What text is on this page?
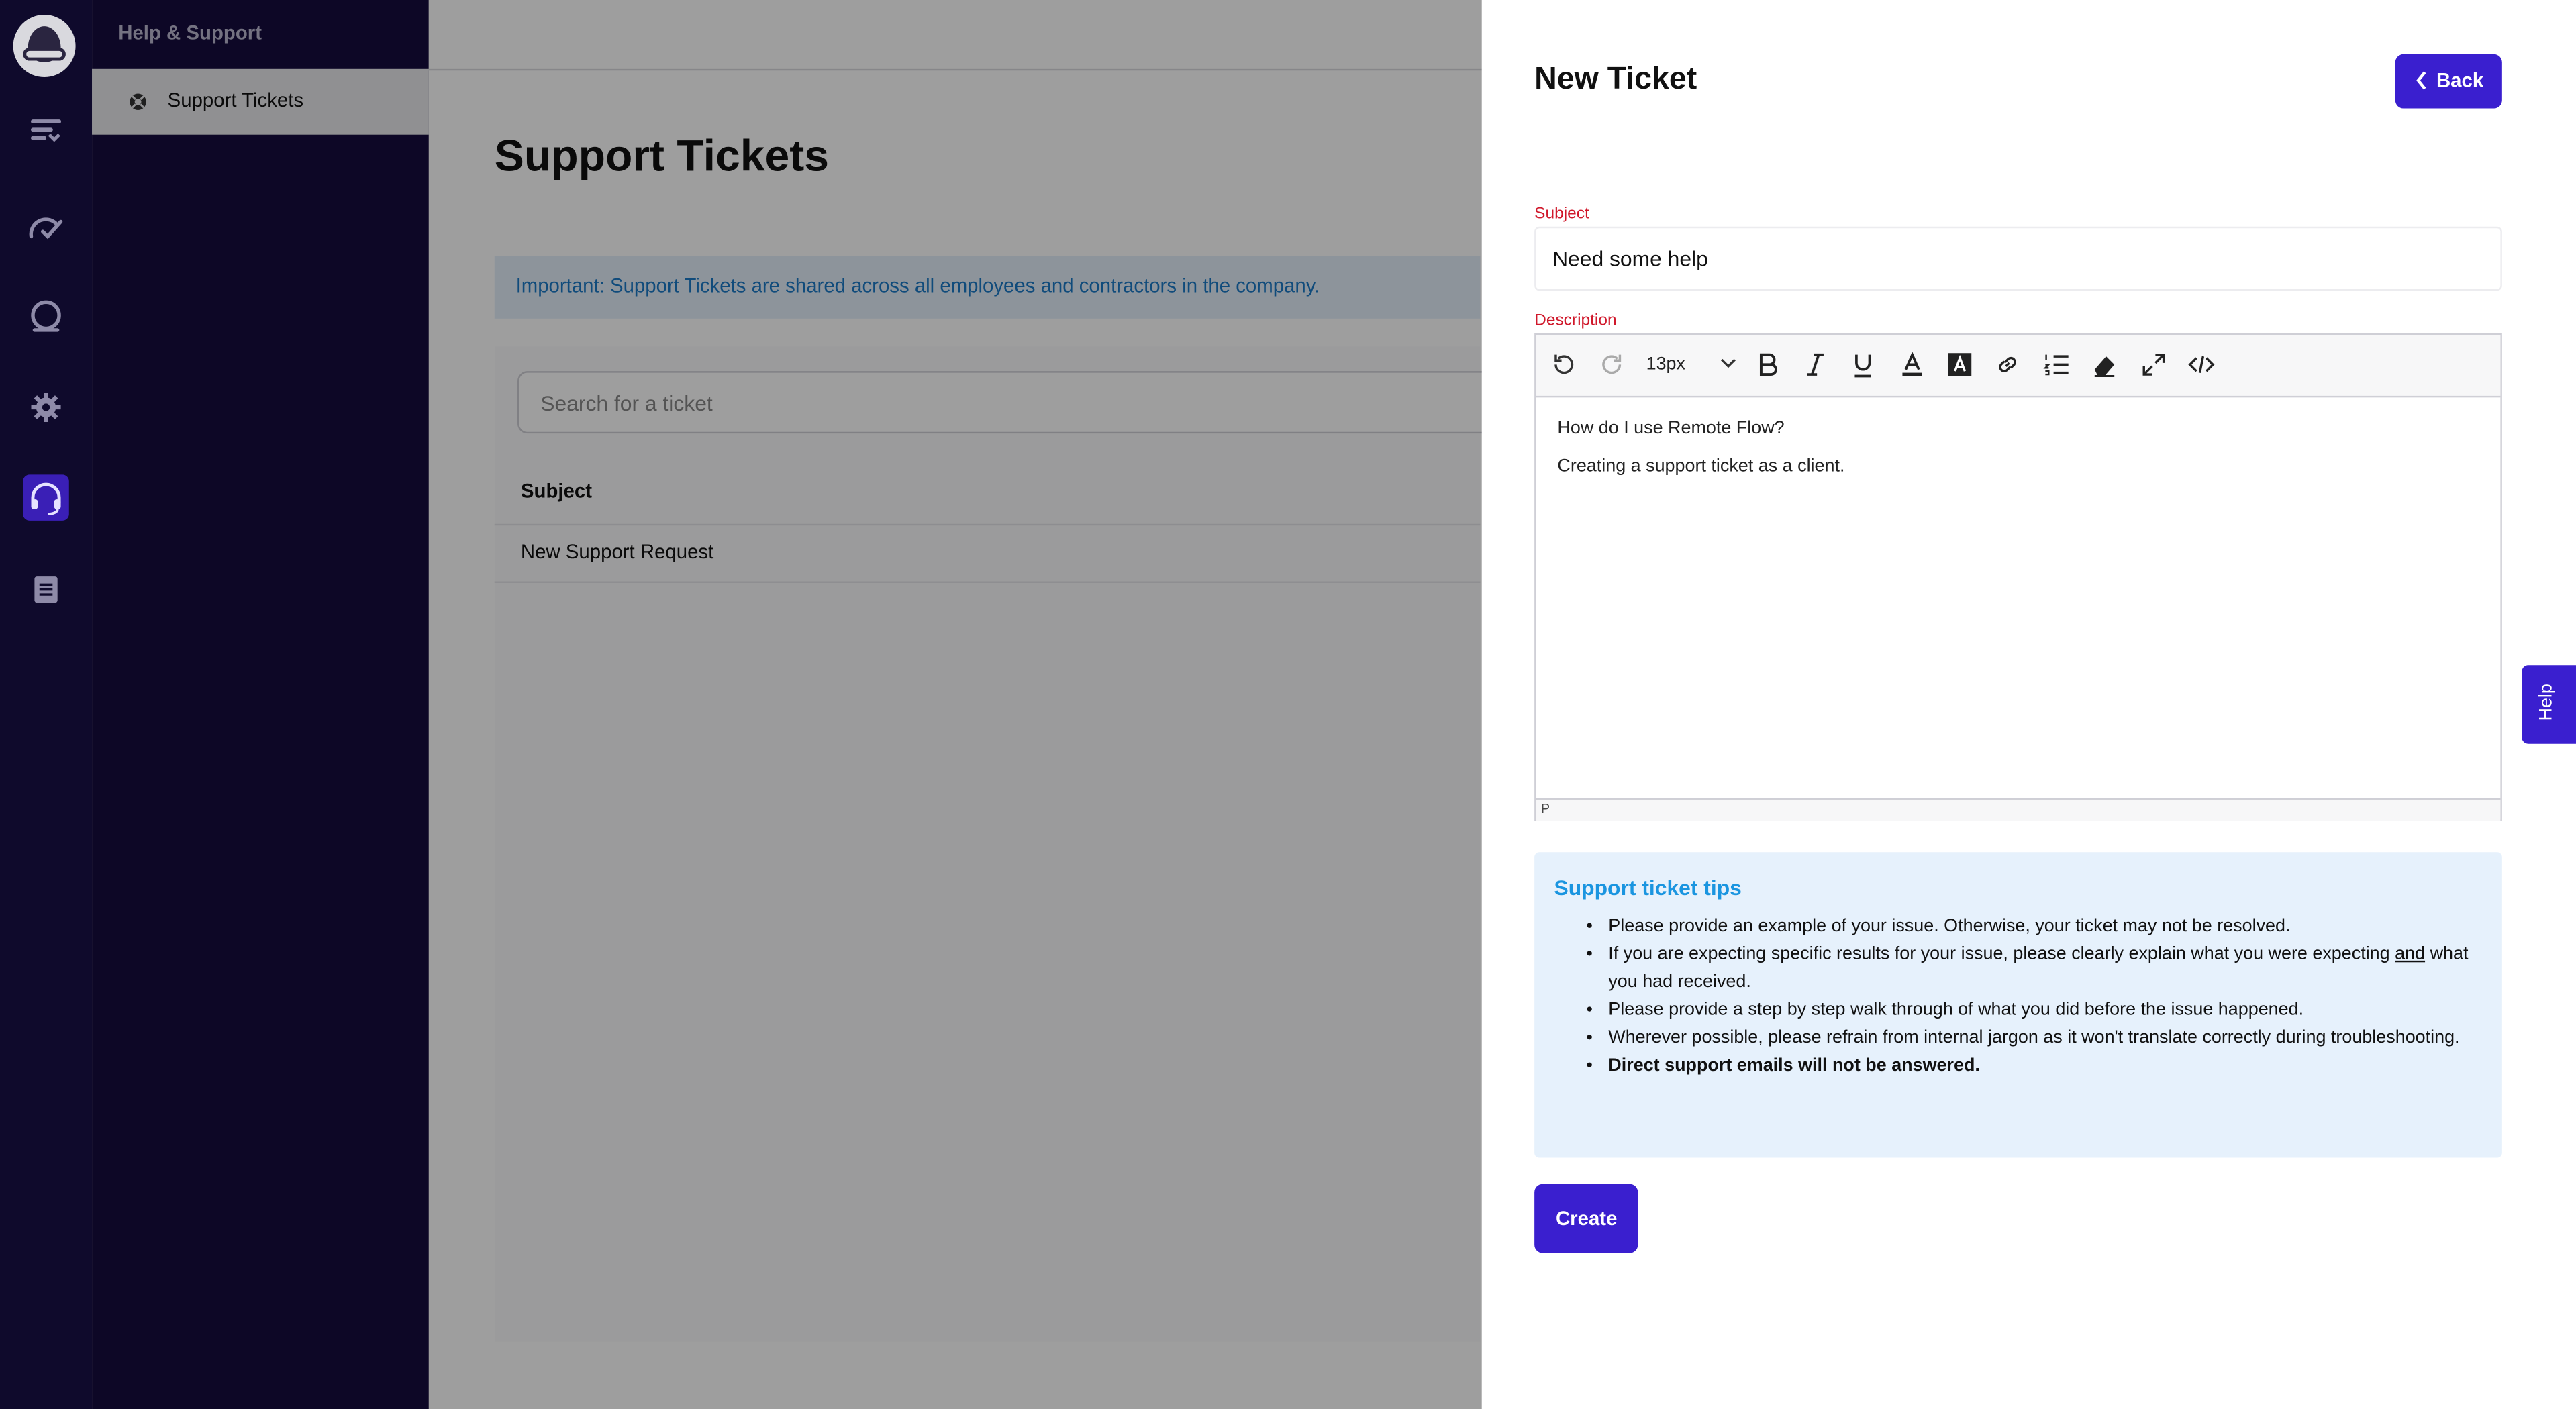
Help & Support
Support Tickets
Support Tickets
Important: Support Tickets are shared across all employees and contractors in the company.
Search for a ticket
Subject
New Support Request
New Ticket	Back
Subject
Need some help
Description
13px
How do I use Remote Flow?
Creating a support ticket as a client.
P
Support ticket tips
• Please provide an example of your issue. Otherwise, your ticket may not be resolved.
• If you are expecting specific results for your issue, please clearly explain what you were expecting and what you had received.
• Please provide a step by step walk through of what you did before the issue happened.
• Wherever possible, please refrain from internal jargon as it won't translate correctly during troubleshooting.
• Direct support emails will not be answered.
Create
Help
